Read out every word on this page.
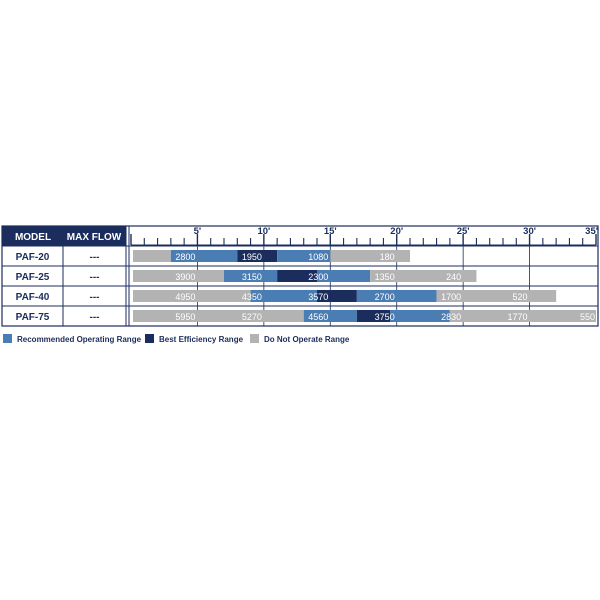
MODEL MAX FLOW
5'	10'	15'	20'	25'	30'	35'
PAF-20	---	2800	1950	1080	180
PAF-25	---	3900	3150	2300	1350	240
PAF-40	---	4950	4350	3570	2700	1700	520
PAF-75	---	5950	5270	4560	3750	2830	1770	550
Recommended Operating Range Best Efficiency Range	Do Not Operate Range
